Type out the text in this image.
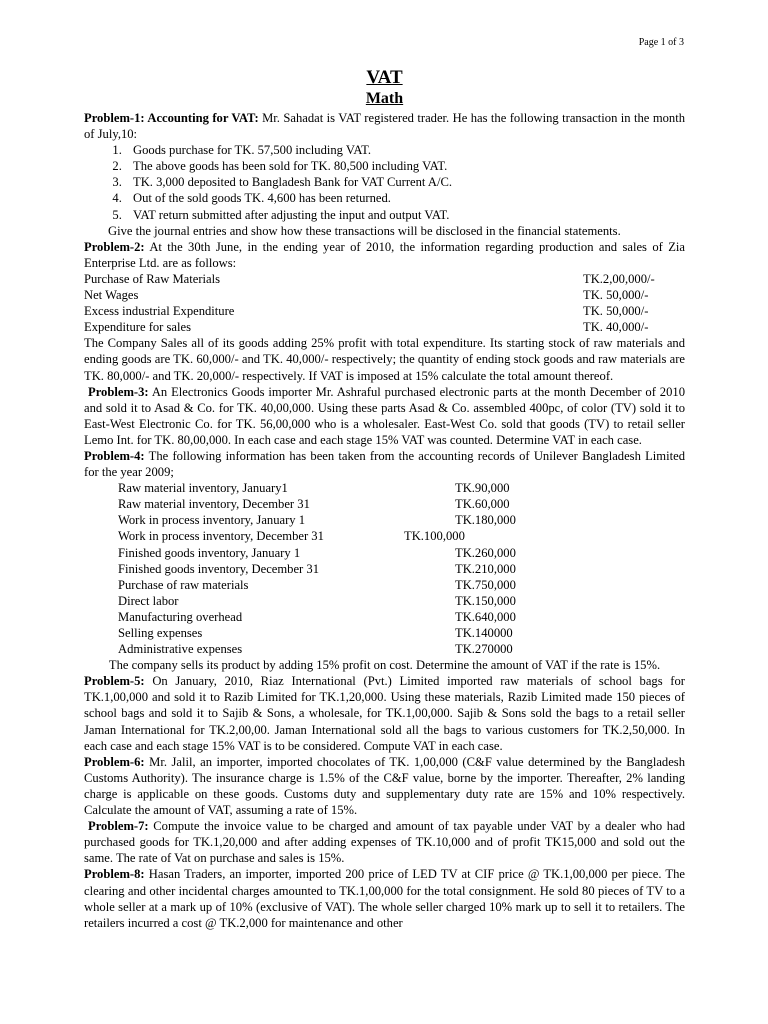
Page 1 of 3
VAT
Math

Problem-1: Accounting for VAT: Mr. Sahadat is VAT registered trader. He has the following transaction in the month of July,10:

1. Goods purchase for TK. 57,500 including VAT.
2. The above goods has been sold for TK. 80,500 including VAT.
3. TK. 3,000 deposited to Bangladesh Bank for VAT Current A/C.
4. Out of the sold goods TK. 4,600 has been returned.
5. VAT return submitted after adjusting the input and output VAT.
Give the journal entries and show how these transactions will be disclosed in the financial statements.

Problem-2: At the 30th June, in the ending year of 2010, the information regarding production and sales of Zia Enterprise Ltd. are as follows:

Purchase of Raw Materials	TK.2,00,000/-
Net Wages	TK. 50,000/-
Excess industrial Expenditure	TK. 50,000/-
Expenditure for sales	TK. 40,000/-

The Company Sales all of its goods adding 25% profit with total expenditure. Its starting stock of raw materials and ending goods are TK. 60,000/- and TK. 40,000/- respectively; the quantity of ending stock goods and raw materials are TK. 80,000/- and TK. 20,000/- respectively. If VAT is imposed at 15% calculate the total amount thereof.

Problem-3: An Electronics Goods importer Mr. Ashraful purchased electronic parts at the month December of 2010 and sold it to Asad & Co. for TK. 40,00,000. Using these parts Asad & Co. assembled 400pc, of color (TV) sold it to East-West Electronic Co. for TK. 56,00,000 who is a wholesaler. East-West Co. sold that goods (TV) to retail seller Lemo Int. for TK. 80,00,000. In each case and each stage 15% VAT was counted. Determine VAT in each case.

Problem-4: The following information has been taken from the accounting records of Unilever Bangladesh Limited for the year 2009;

Raw material inventory, January1	TK.90,000
Raw material inventory, December 31	TK.60,000
Work in process inventory, January 1	TK.180,000
Work in process inventory, December 31	TK.100,000
Finished goods inventory, January 1	TK.260,000
Finished goods inventory, December 31	TK.210,000
Purchase of raw materials	TK.750,000
Direct labor	TK.150,000
Manufacturing overhead	TK.640,000
Selling expenses	TK.140000
Administrative expenses	TK.270000

The company sells its product by adding 15% profit on cost. Determine the amount of VAT if the rate is 15%.

Problem-5: On January, 2010, Riaz International (Pvt.) Limited imported raw materials of school bags for TK.1,00,000 and sold it to Razib Limited for TK.1,20,000. Using these materials, Razib Limited made 150 pieces of school bags and sold it to Sajib & Sons, a wholesale, for TK.1,00,000. Sajib & Sons sold the bags to a retail seller Jaman International for TK.2,00,00. Jaman International sold all the bags to various customers for TK.2,50,000. In each case and each stage 15% VAT is to be considered. Compute VAT in each case.

Problem-6: Mr. Jalil, an importer, imported chocolates of TK. 1,00,000 (C&F value determined by the Bangladesh Customs Authority). The insurance charge is 1.5% of the C&F value, borne by the importer. Thereafter, 2% landing charge is applicable on these goods. Customs duty and supplementary duty rate are 15% and 10% respectively. Calculate the amount of VAT, assuming a rate of 15%.

Problem-7: Compute the invoice value to be charged and amount of tax payable under VAT by a dealer who had purchased goods for TK.1,20,000 and after adding expenses of TK.10,000 and of profit TK15,000 and sold out the same. The rate of Vat on purchase and sales is 15%.

Problem-8: Hasan Traders, an importer, imported 200 price of LED TV at CIF price @ TK.1,00,000 per piece. The clearing and other incidental charges amounted to TK.1,00,000 for the total consignment. He sold 80 pieces of TV to a whole seller at a mark up of 10% (exclusive of VAT). The whole seller charged 10% mark up to sell it to retailers. The retailers incurred a cost @ TK.2,000 for maintenance and other
